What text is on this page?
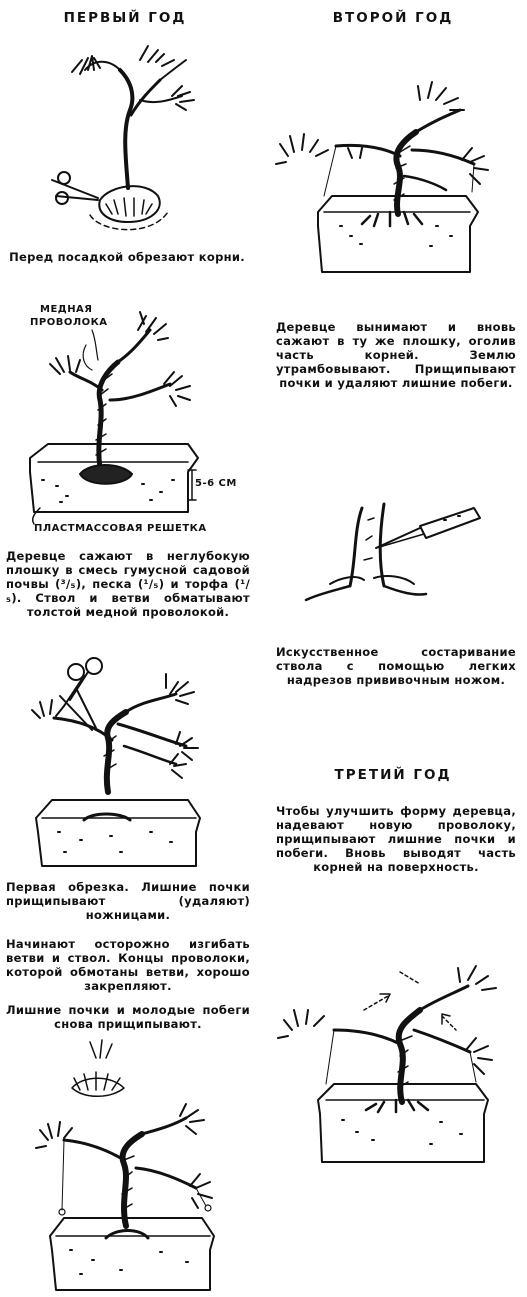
ПЕРВЫЙ ГОД	ВТОРОЙ ГОД
ТРЕТИЙ ГОД
Перед посадкой обрезают корни.
Деревце сажают в неглубокую плошку в смесь гумусной садовой почвы (³/₅), песка (¹/₅) и торфа (¹/₅). Ствол и ветви обматывают толстой медной проволокой.
Первая обрезка. Лишние почки прищипывают (удаляют) ножницами.
Начинают осторожно изгибать ветви и ствол. Концы проволоки, которой обмотаны ветви, хорошо закрепляют.
Лишние почки и молодые побеги снова прищипывают.
Деревце вынимают и вновь сажают в ту же плошку, оголив часть корней. Землю утрамбовывают. Прищипывают почки и удаляют лишние побеги.
Искусственное состаривание ствола с помощью легких надрезов прививочным ножом.
Чтобы улучшить форму деревца, надевают новую проволоку, прищипывают лишние почки и побеги. Вновь выводят часть корней на поверхность.
МЕДНАЯ
ПРОВОЛОКА
5-6 СМ
ПЛАСТМАССОВАЯ РЕШЕТКА
